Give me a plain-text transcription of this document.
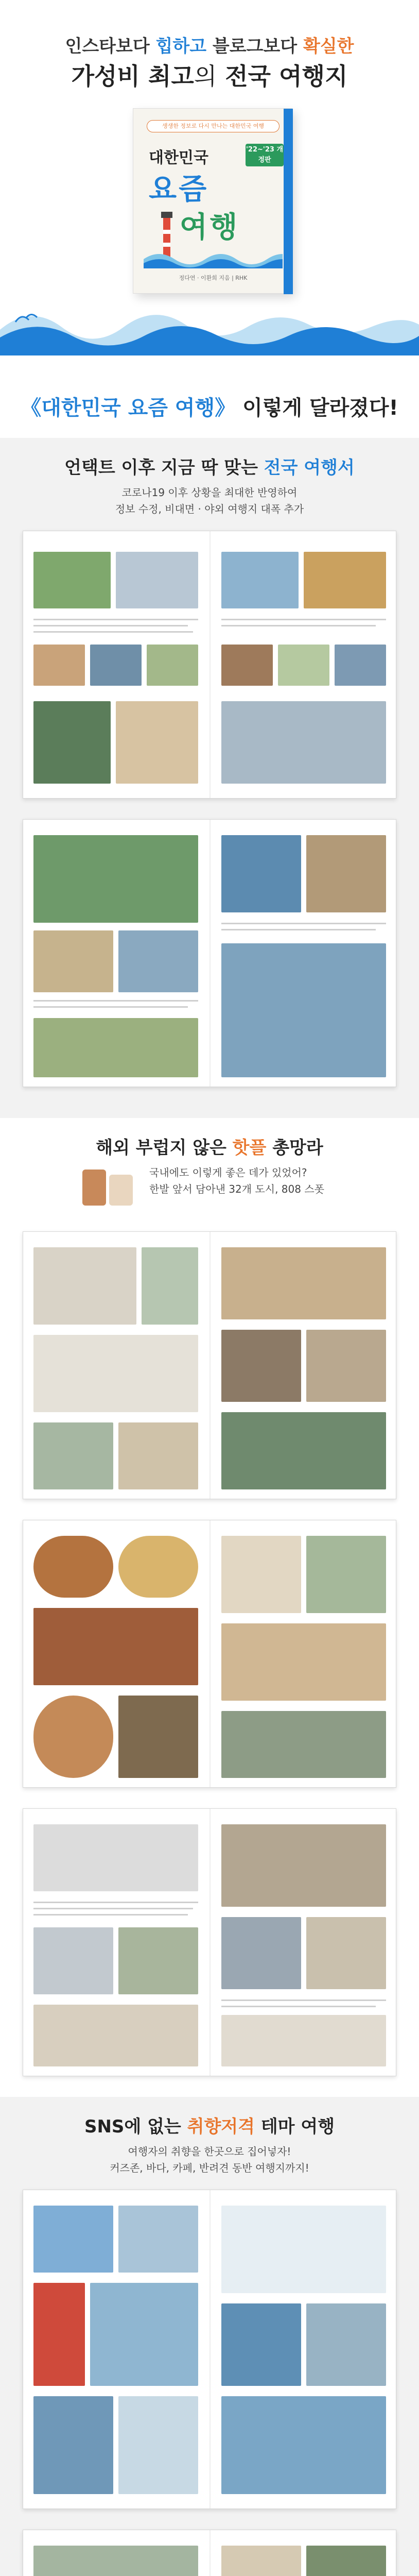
인스타보다 힙하고 블로그보다 확실한
가성비 최고의 전국 여행지
생생한 정보로 다시 만나는 대한민국 여행
'22~'23 개정판
대한민국
요즘
여행
정다연 · 이환희 지음 | RHK
《대한민국 요즘 여행》 이렇게 달라졌다!
언택트 이후 지금 딱 맞는 전국 여행서
코로나19 이후 상황을 최대한 반영하여
정보 수정, 비대면 · 야외 여행지 대폭 추가
해외 부럽지 않은 핫플 총망라
국내에도 이렇게 좋은 데가 있었어?
한발 앞서 담아낸 32개 도시, 808 스폿
SNS에 없는 취향저격 테마 여행
여행자의 취향을 한곳으로 집어넣자!
커즈존, 바다, 카페, 반려견 동반 여행지까지!
